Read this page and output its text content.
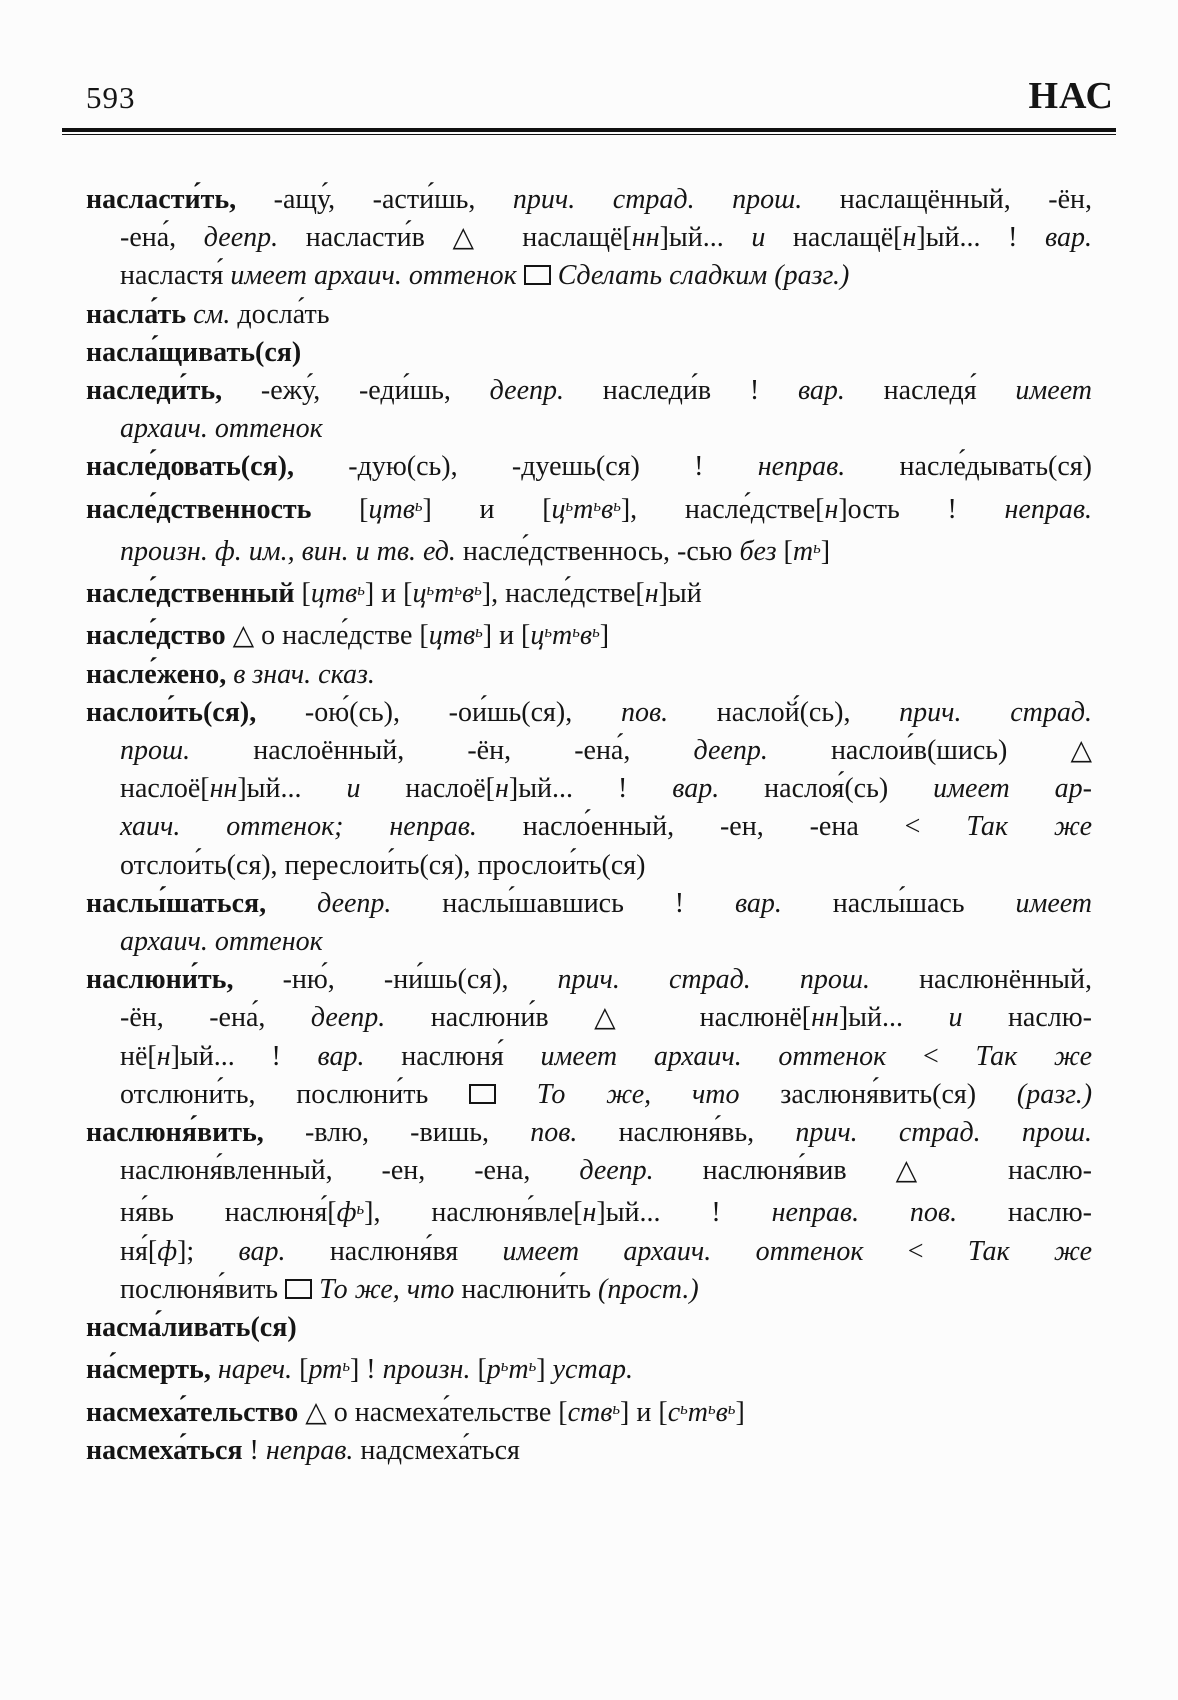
593	НАС
насласти́ть, -ащу́, -асти́шь, прич. страд. прош. наслащённый, -ён,
-ена́, деепр. насласти́в △ наслащё[нн]ый... и наслащё[н]ый... ! вар.
насластя́ имеет архаич. оттенок Сделать сладким (разг.)
насла́ть см. досла́ть
насла́щивать(ся)
наследи́ть, -ежу́, -еди́шь, деепр. наследи́в ! вар. наследя́ имеет
архаич. оттенок
насле́довать(ся), -дую(сь), -дуешь(ся) ! неправ. насле́дывать(ся)
насле́дственность [цтв$^ь$] и $[ц^ьт^ьв^ь]$, насле́дстве[н]ость ! неправ.
произн. ф. им., вин. и тв. ед. насле́дственнось, -сью без $[т^ь]$
насле́дственный [цтв$^ь$] и $[ц^ьт^ьв^ь]$, насле́дстве[н]ый
насле́дство △ о насле́дстве [цтв$^ь$] и $[ц^ьт^ьв^ь]$
насле́жено, в знач. сказ.
наслои́ть(ся), -ою́(сь), -ои́шь(ся), пов. наслой́(сь), прич. страд.
прош. наслоённый, -ён, -ена́, деепр. наслои́в(шись) △
наслоё[нн]ый... и наслоё[н]ый... ! вар. наслоя́(сь) имеет ар-
хаич. оттенок; неправ. насло́енный, -ен, -ена < Так же
отслои́ть(ся), переслои́ть(ся), прослои́ть(ся)
наслы́шаться, деепр. наслы́шавшись ! вар. наслы́шась имеет
архаич. оттенок
наслюни́ть, -ню́, -ни́шь(ся), прич. страд. прош. наслюнённый,
-ён, -ена́, деепр. наслюни́в △ наслюнё[нн]ый... и наслю-
нё[н]ый... ! вар. наслюня́ имеет архаич. оттенок < Так же
отслюни́ть, послюни́ть  То же, что заслюня́вить(ся) (разг.)
наслюня́вить, -влю, -вишь, пов. наслюня́вь, прич. страд. прош.
наслюня́вленный, -ен, -ена, деепр. наслюня́вив △ наслю-
ня́вь $наслюня́[ф^ь]$, наслюня́вле[н]ый... ! неправ. пов. наслю-
ня́[ф]; вар. наслюня́вя имеет архаич. оттенок < Так же
послюня́вить  То же, что наслюни́ть (прост.)
насма́ливать(ся)
на́смерть, нареч. $[рт^ь]$ ! произн. $[р^ьт^ь]$ устар.
насмеха́тельство △ о насмеха́тельстве [ств$^ь$] и $[с^ьт^ьв^ь]$
насмеха́ться ! неправ. надсмеха́ться
